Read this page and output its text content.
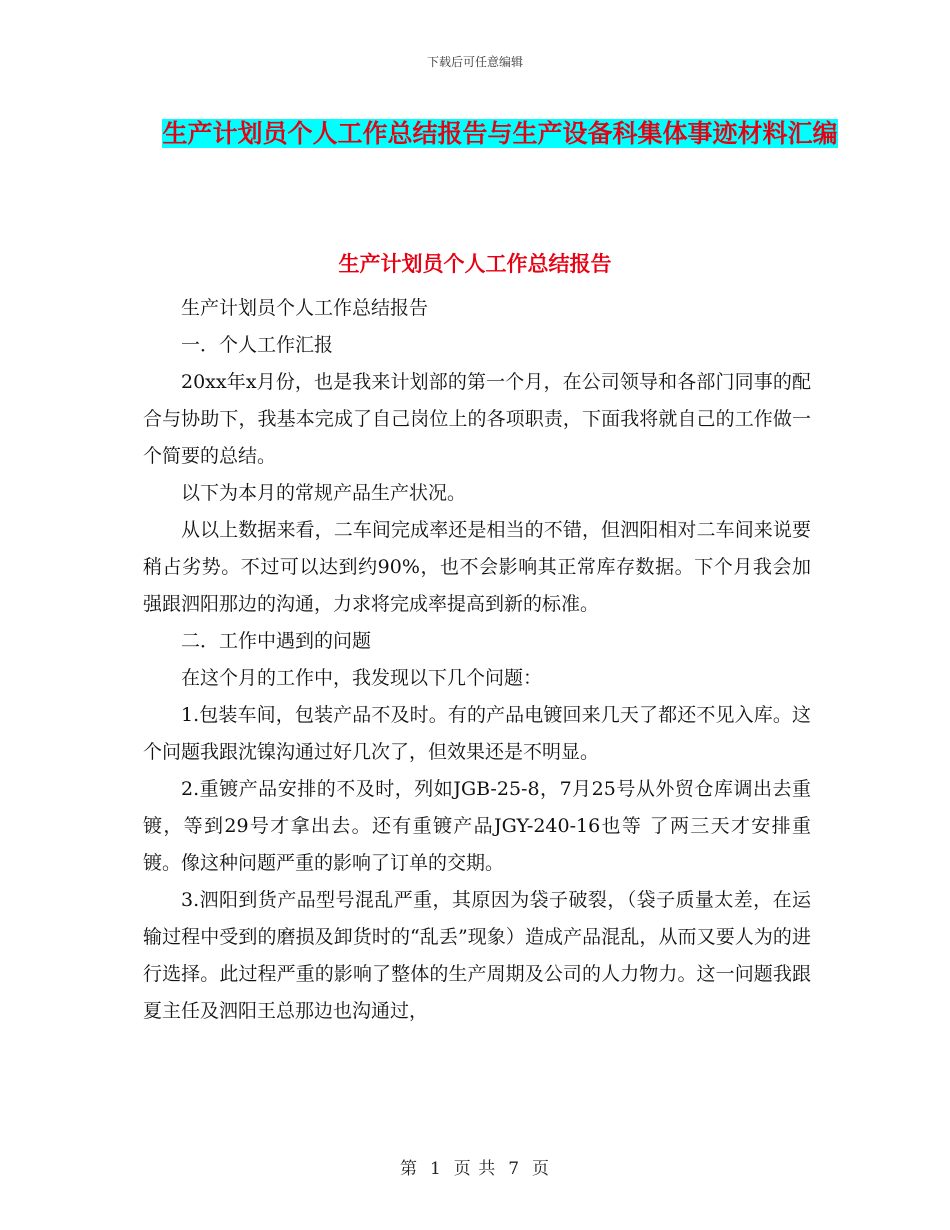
下载后可任意编辑
生产计划员个人工作总结报告与生产设备科集体事迹材料汇编
生产计划员个人工作总结报告

生产计划员个人工作总结报告

一．个人工作汇报

20xx年x月份，也是我来计划部的第一个月，在公司领导和各部门同事的配合与协助下，我基本完成了自己岗位上的各项职责，下面我将就自己的工作做一个简要的总结。

以下为本月的常规产品生产状况。

从以上数据来看，二车间完成率还是相当的不错，但泗阳相对二车间来说要稍占劣势。不过可以达到约90%，也不会影响其正常库存数据。下个月我会加强跟泗阳那边的沟通，力求将完成率提高到新的标准。

二．工作中遇到的问题

在这个月的工作中，我发现以下几个问题：

1.包装车间，包装产品不及时。有的产品电镀回来几天了都还不见入库。这个问题我跟沈镍沟通过好几次了，但效果还是不明显。

2.重镀产品安排的不及时，列如JGB-25-8，7月25号从外贸仓库调出去重镀，等到29号才拿出去。还有重镀产品JGY-240-16也等 了两三天才安排重镀。像这种问题严重的影响了订单的交期。

3.泗阳到货产品型号混乱严重，其原因为袋子破裂，（袋子质量太差，在运输过程中受到的磨损及卸货时的“乱丢”现象）造成产品混乱，从而又要人为的进行选择。此过程严重的影响了整体的生产周期及公司的人力物力。这一问题我跟夏主任及泗阳王总那边也沟通过，

第 1 页 共 7 页
